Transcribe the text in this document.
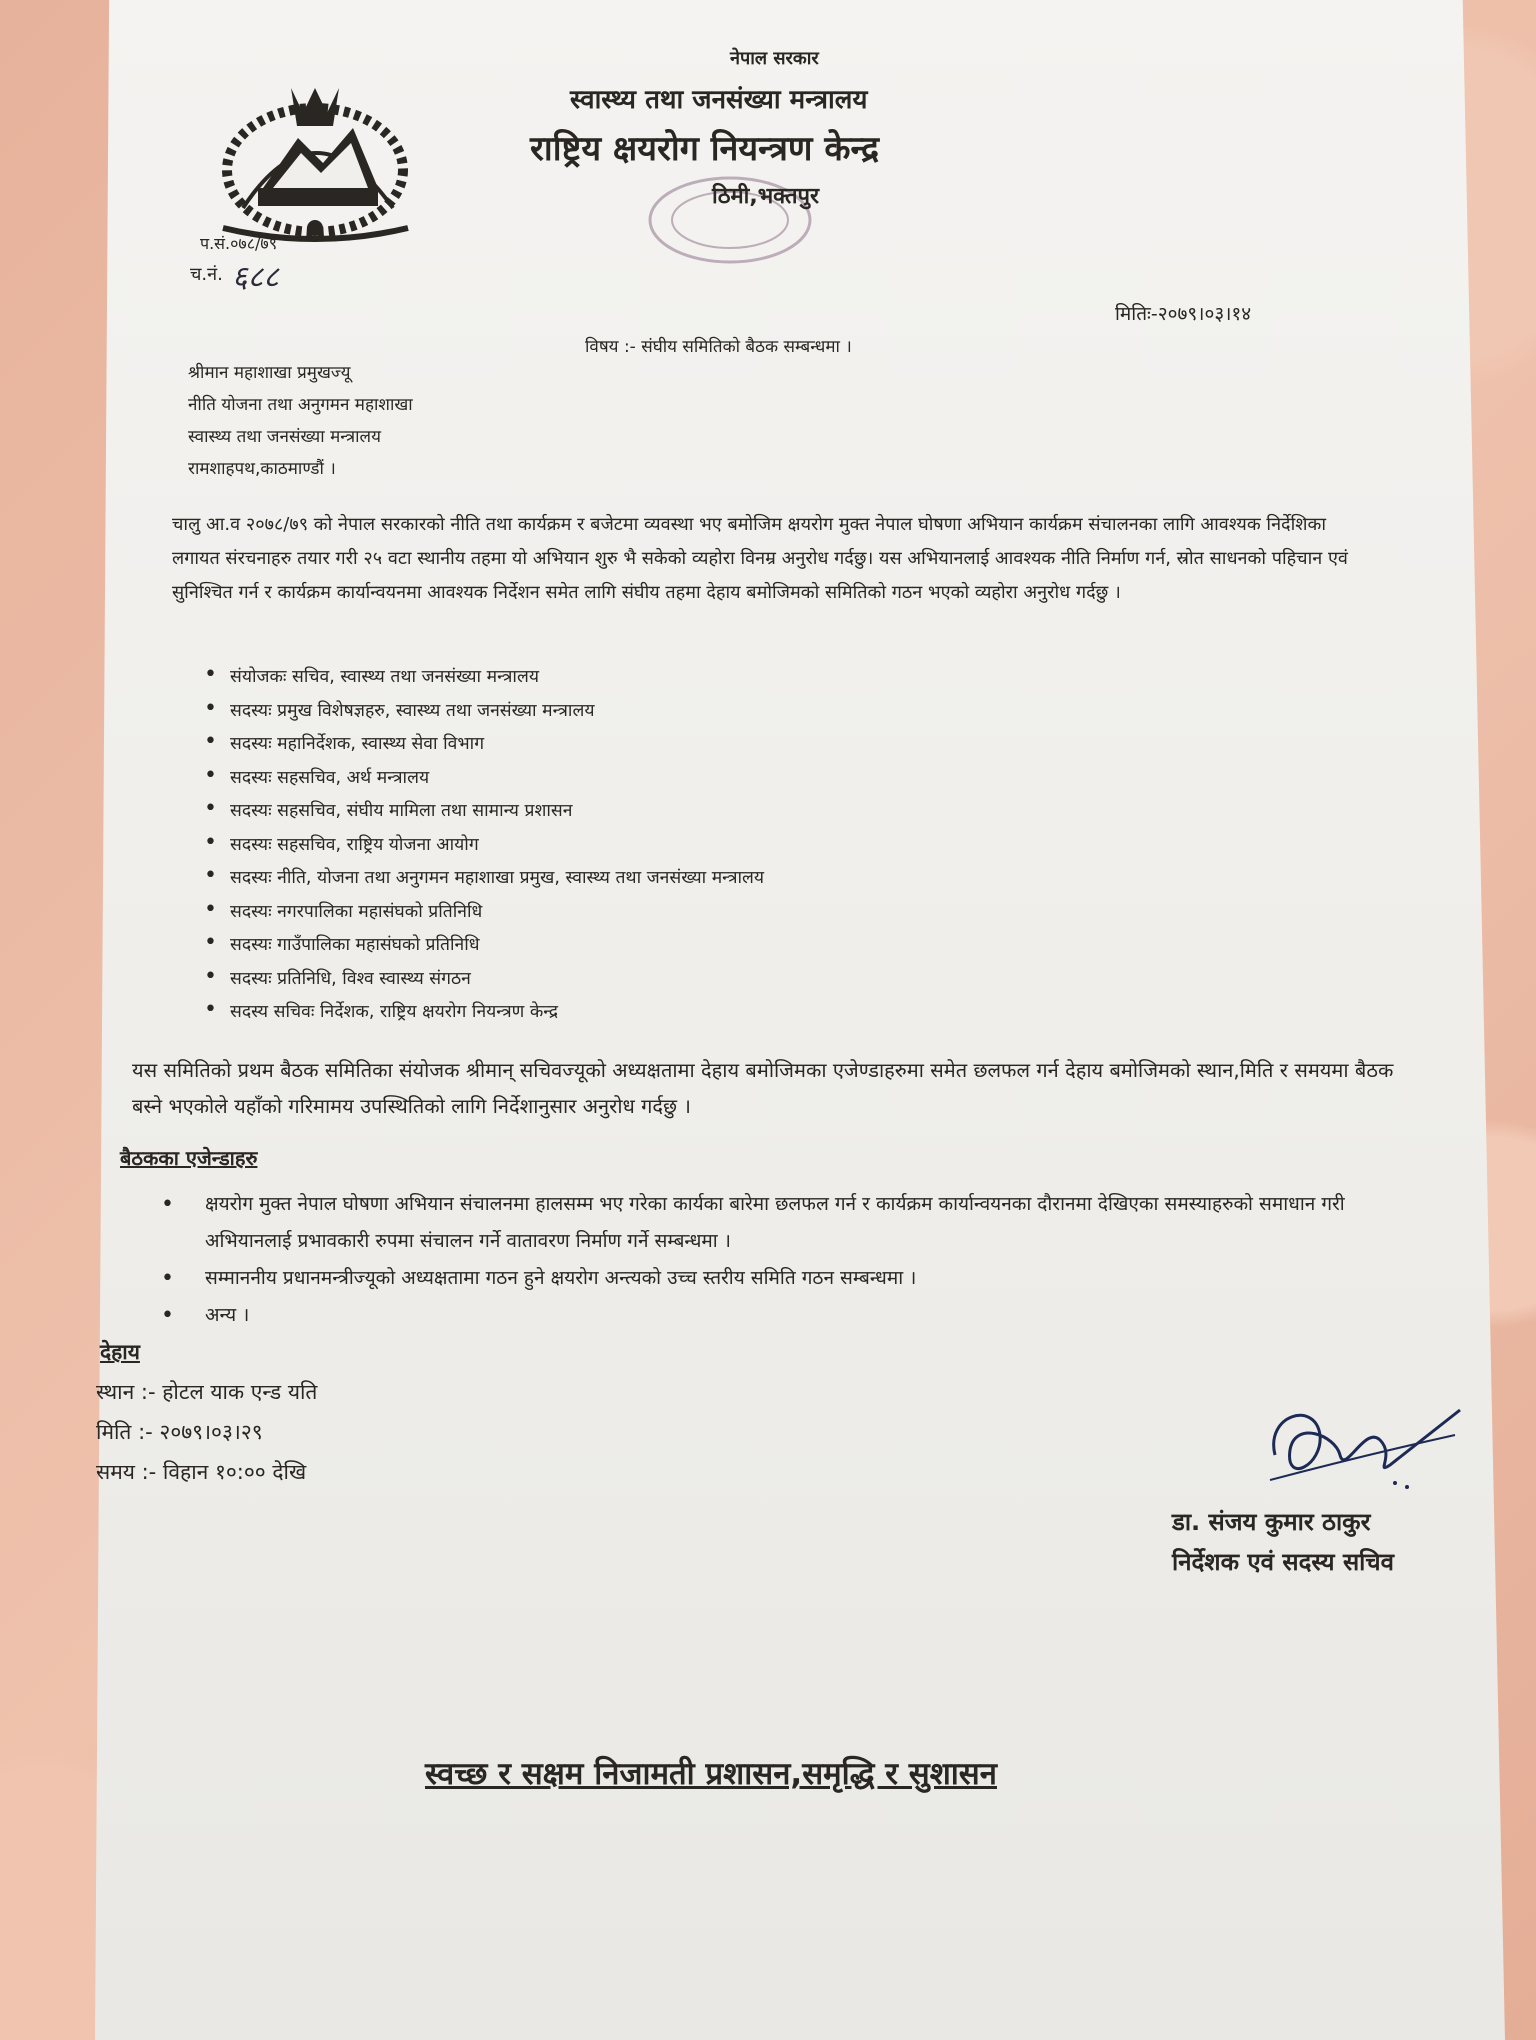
नेपाल सरकार
स्वास्थ्य तथा जनसंख्या मन्त्रालय
राष्ट्रिय क्षयरोग नियन्त्रण केन्द्र
ठिमी,भक्तपुर
प.सं.०७८/७९
च.नं. ६८८
मितिः-२०७९।०३।१४
विषय :- संघीय समितिको बैठक सम्बन्धमा ।
श्रीमान महाशाखा प्रमुखज्यू
नीति योजना तथा अनुगमन महाशाखा
स्वास्थ्य तथा जनसंख्या मन्त्रालय
रामशाहपथ,काठमाण्डौं ।
चालु आ.व २०७८/७९ को नेपाल सरकारको नीति तथा कार्यक्रम र बजेटमा व्यवस्था भए बमोजिम क्षयरोग मुक्त नेपाल घोषणा अभियान कार्यक्रम संचालनका लागि आवश्यक निर्देशिका लगायत संरचनाहरु तयार गरी २५ वटा स्थानीय तहमा यो अभियान शुरु भै सकेको व्यहोरा विनम्र अनुरोध गर्दछु। यस अभियानलाई आवश्यक नीति निर्माण गर्न, स्रोत साधनको पहिचान एवं सुनिश्चित गर्न र कार्यक्रम कार्यान्वयनमा आवश्यक निर्देशन समेत लागि संघीय तहमा देहाय बमोजिमको समितिको गठन भएको व्यहोरा अनुरोध गर्दछु ।
• संयोजकः सचिव, स्वास्थ्य तथा जनसंख्या मन्त्रालय
• सदस्यः प्रमुख विशेषज्ञहरु, स्वास्थ्य तथा जनसंख्या मन्त्रालय
• सदस्यः महानिर्देशक, स्वास्थ्य सेवा विभाग
• सदस्यः सहसचिव, अर्थ मन्त्रालय
• सदस्यः सहसचिव, संघीय मामिला तथा सामान्य प्रशासन
• सदस्यः सहसचिव, राष्ट्रिय योजना आयोग
• सदस्यः नीति, योजना तथा अनुगमन महाशाखा प्रमुख, स्वास्थ्य तथा जनसंख्या मन्त्रालय
• सदस्यः नगरपालिका महासंघको प्रतिनिधि
• सदस्यः गाउँपालिका महासंघको प्रतिनिधि
• सदस्यः प्रतिनिधि, विश्व स्वास्थ्य संगठन
• सदस्य सचिवः निर्देशक, राष्ट्रिय क्षयरोग नियन्त्रण केन्द्र
यस समितिको प्रथम बैठक समितिका संयोजक श्रीमान् सचिवज्यूको अध्यक्षतामा देहाय बमोजिमका एजेण्डाहरुमा समेत छलफल गर्न देहाय बमोजिमको स्थान,मिति र समयमा बैठक बस्ने भएकोले यहाँको गरिमामय उपस्थितिको लागि निर्देशानुसार अनुरोध गर्दछु ।
बैठकका एजेन्डाहरु
• क्षयरोग मुक्त नेपाल घोषणा अभियान संचालनमा हालसम्म भए गरेका कार्यका बारेमा छलफल गर्न र कार्यक्रम कार्यान्वयनका दौरानमा देखिएका समस्याहरुको समाधान गरी अभियानलाई प्रभावकारी रुपमा संचालन गर्ने वातावरण निर्माण गर्ने सम्बन्धमा ।
• सम्माननीय प्रधानमन्त्रीज्यूको अध्यक्षतामा गठन हुने क्षयरोग अन्त्यको उच्च स्तरीय समिति गठन सम्बन्धमा ।
• अन्य ।
देहाय
स्थान :- होटल याक एन्ड यति
मिति :- २०७९।०३।२९
समय :- विहान १०:०० देखि
डा. संजय कुमार ठाकुर
निर्देशक एवं सदस्य सचिव
स्वच्छ र सक्षम निजामती प्रशासन,समृद्धि र सुशासन
